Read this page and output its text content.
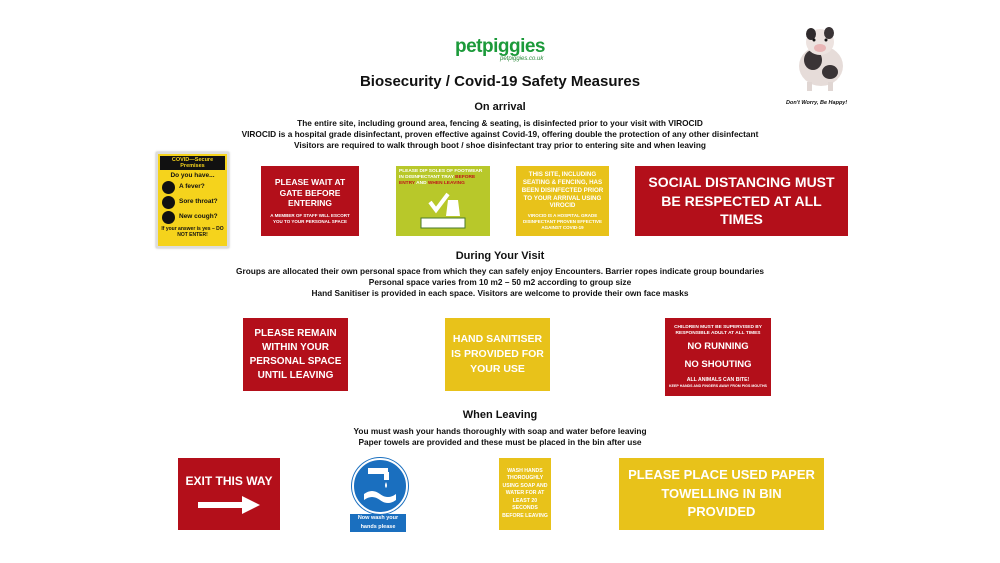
petpiggies
petpiggies.co.uk
Don't Worry, Be Happy!
Biosecurity / Covid-19 Safety Measures
On arrival
The entire site, including ground area, fencing & seating, is disinfected prior to your visit with VIROCID
VIROCID is a hospital grade disinfectant, proven effective against Covid-19, offering double the protection of any other disinfectant
Visitors are required to walk through boot / shoe disinfectant tray prior to entering site and when leaving
COVID—Secure Premises
Do you have...
A fever?
Sore throat?
New cough?
If your answer is yes – DO NOT ENTER!
PLEASE WAIT AT GATE BEFORE ENTERING
A MEMBER OF STAFF WILL ESCORT YOU TO YOUR PERSONAL SPACE
PLEASE DIP SOLES OF FOOTWEAR IN DISINFECTANT TRAY BEFORE ENTRY AND WHEN LEAVING
THIS SITE, INCLUDING SEATING & FENCING, HAS BEEN DISINFECTED PRIOR TO YOUR ARRIVAL USING VIROCID
VIROCID IS A HOSPITAL GRADE DISINFECTANT PROVEN EFFECTIVE AGAINST COVID-19
SOCIAL DISTANCING MUST BE RESPECTED AT ALL TIMES
During Your Visit
Groups are allocated their own personal space from which they can safely enjoy Encounters. Barrier ropes indicate group boundaries
Personal space varies from 10 m2 – 50 m2 according to group size
Hand Sanitiser is provided in each space. Visitors are welcome to provide their own face masks
PLEASE REMAIN WITHIN YOUR PERSONAL SPACE UNTIL LEAVING
HAND SANITISER IS PROVIDED FOR YOUR USE
CHILDREN MUST BE SUPERVISED BY RESPONSIBLE ADULT AT ALL TIMES
NO RUNNING
NO SHOUTING
ALL ANIMALS CAN BITE!
KEEP HANDS AND FINGERS AWAY FROM PIGS MOUTHS
When Leaving
You must wash your hands thoroughly with soap and water before leaving
Paper towels are provided and these must be placed in the bin after use
EXIT THIS WAY
Now wash your hands please
WASH HANDS THOROUGHLY USING SOAP AND WATER FOR AT LEAST 20 SECONDS BEFORE LEAVING
PLEASE PLACE USED PAPER TOWELLING IN BIN PROVIDED
